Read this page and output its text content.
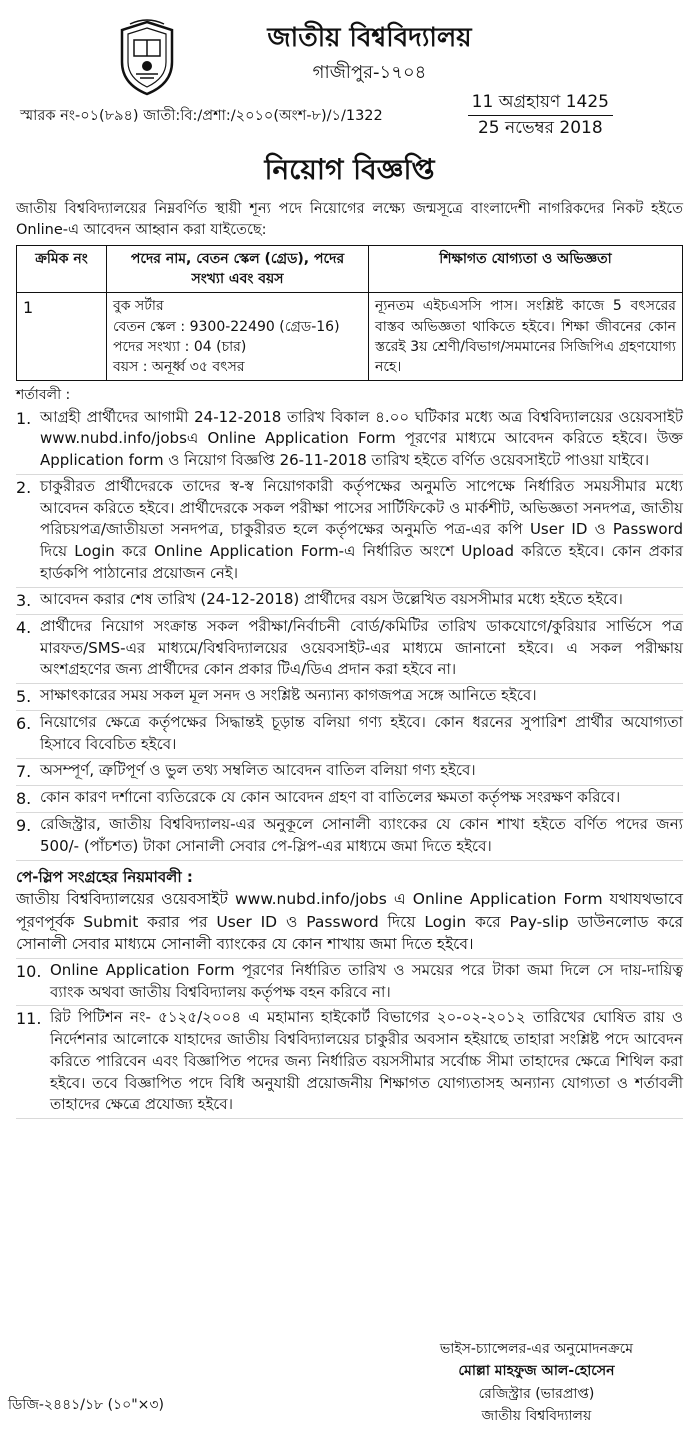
জাতীয় বিশ্ববিদ্যালয়
গাজীপুর-১৭০৪
11 অগ্রহায়ণ 1425
25 নভেম্বর 2018
স্মারক নং-০১(৮৯৪) জাতী:বি:/প্রশা:/২০১০(অংশ-৮)/১/1322
নিয়োগ বিজ্ঞপ্তি
জাতীয় বিশ্ববিদ্যালয়ের নিম্নবর্ণিত স্থায়ী শূন্য পদে নিয়োগের লক্ষ্যে জন্মসূত্রে বাংলাদেশী নাগরিকদের নিকট হইতে Online-এ আবেদন আহ্বান করা যাইতেছে:
ক্রমিক নং	পদের নাম, বেতন স্কেল (গ্রেড), পদের সংখ্যা এবং বয়স	শিক্ষাগত যোগ্যতা ও অভিজ্ঞতা
1	বুক সর্টার
বেতন স্কেল : 9300-22490 (গ্রেড-16) পদের সংখ্যা : 04 (চার)
বয়স : অনূর্ধ্ব ৩৫ বৎসর	ন্যূনতম এইচএসসি পাস। সংশ্লিষ্ট কাজে 5 বৎসরের বাস্তব অভিজ্ঞতা থাকিতে হইবে। শিক্ষা জীবনের কোন স্তরেই 3য় শ্রেণী/বিভাগ/সমমানের সিজিপিএ গ্রহণযোগ্য নহে।
শর্তাবলী :
1. আগ্রহী প্রার্থীদের আগামী 24-12-2018 তারিখ বিকাল ৪.০০ ঘটিকার মধ্যে অত্র বিশ্ববিদ্যালয়ের ওয়েবসাইট www.nubd.info/jobsএ Online Application Form পূরণের মাধ্যমে আবেদন করিতে হইবে। উক্ত Application form ও নিয়োগ বিজ্ঞপ্তি 26-11-2018 তারিখ হইতে বর্ণিত ওয়েবসাইটে পাওয়া যাইবে।
2. চাকুরীরত প্রার্থীদেরকে তাদের স্ব-স্ব নিয়োগকারী কর্তৃপক্ষের অনুমতি সাপেক্ষে নির্ধারিত সময়সীমার মধ্যে আবেদন করিতে হইবে। প্রার্থীদেরকে সকল পরীক্ষা পাসের সার্টিফিকেট ও মার্কশীট, অভিজ্ঞতা সনদপত্র, জাতীয় পরিচয়পত্র/জাতীয়তা সনদপত্র, চাকুরীরত হলে কর্তৃপক্ষের অনুমতি পত্র-এর কপি User ID ও Password দিয়ে Login করে Online Application Form-এ নির্ধারিত অংশে Upload করিতে হইবে। কোন প্রকার হার্ডকপি পাঠানোর প্রয়োজন নেই।
3. আবেদন করার শেষ তারিখ (24-12-2018) প্রার্থীদের বয়স উল্লেখিত বয়সসীমার মধ্যে হইতে হইবে।
4. প্রার্থীদের নিয়োগ সংক্রান্ত সকল পরীক্ষা/নির্বাচনী বোর্ড/কমিটির তারিখ ডাকযোগে/কুরিয়ার সার্ভিসে পত্র মারফত/SMS-এর মাধ্যমে/বিশ্ববিদ্যালয়ের ওয়েবসাইট-এর মাধ্যমে জানানো হইবে। এ সকল পরীক্ষায় অংশগ্রহণের জন্য প্রার্থীদের কোন প্রকার টিএ/ডিএ প্রদান করা হইবে না।
5. সাক্ষাৎকারের সময় সকল মূল সনদ ও সংশ্লিষ্ট অন্যান্য কাগজপত্র সঙ্গে আনিতে হইবে।
6. নিয়োগের ক্ষেত্রে কর্তৃপক্ষের সিদ্ধান্তই চূড়ান্ত বলিয়া গণ্য হইবে। কোন ধরনের সুপারিশ প্রার্থীর অযোগ্যতা হিসাবে বিবেচিত হইবে।
7. অসম্পূর্ণ, ত্রুটিপূর্ণ ও ভুল তথ্য সম্বলিত আবেদন বাতিল বলিয়া গণ্য হইবে।
8. কোন কারণ দর্শানো ব্যতিরেকে যে কোন আবেদন গ্রহণ বা বাতিলের ক্ষমতা কর্তৃপক্ষ সংরক্ষণ করিবে।
9. রেজিস্ট্রার, জাতীয় বিশ্ববিদ্যালয়-এর অনুকূলে সোনালী ব্যাংকের যে কোন শাখা হইতে বর্ণিত পদের জন্য 500/- (পাঁচশত) টাকা সোনালী সেবার পে-স্লিপ-এর মাধ্যমে জমা দিতে হইবে।
পে-স্লিপ সংগ্রহের নিয়মাবলী :
জাতীয় বিশ্ববিদ্যালয়ের ওয়েবসাইট www.nubd.info/jobs এ Online Application Form যথাযথভাবে পূরণপূর্বক Submit করার পর User ID ও Password দিয়ে Login করে Pay-slip ডাউনলোড করে সোনালী সেবার মাধ্যমে সোনালী ব্যাংকের যে কোন শাখায় জমা দিতে হইবে।
10. Online Application Form পূরণের নির্ধারিত তারিখ ও সময়ের পরে টাকা জমা দিলে সে দায়-দায়িত্ব ব্যাংক অথবা জাতীয় বিশ্ববিদ্যালয় কর্তৃপক্ষ বহন করিবে না।
11. রিট পিটিশন নং- ৫১২৫/২০০৪ এ মহামান্য হাইকোর্ট বিভাগের ২০-০২-২০১২ তারিখের ঘোষিত রায় ও নির্দেশনার আলোকে যাহাদের জাতীয় বিশ্ববিদ্যালয়ের চাকুরীর অবসান হইয়াছে তাহারা সংশ্লিষ্ট পদে আবেদন করিতে পারিবেন এবং বিজ্ঞাপিত পদের জন্য নির্ধারিত বয়সসীমার সর্বোচ্চ সীমা তাহাদের ক্ষেত্রে শিথিল করা হইবে। তবে বিজ্ঞাপিত পদে বিধি অনুযায়ী প্রয়োজনীয় শিক্ষাগত যোগ্যতাসহ অন্যান্য যোগ্যতা ও শর্তাবলী তাহাদের ক্ষেত্রে প্রযোজ্য হইবে।
ভাইস-চ্যান্সেলর-এর অনুমোদনক্রমে
মোল্লা মাহফুজ আল-হোসেন
রেজিস্ট্রার (ভারপ্রাপ্ত)
জাতীয় বিশ্ববিদ্যালয়
ডিজি-২৪৪১/১৮ (১০"×৩)
